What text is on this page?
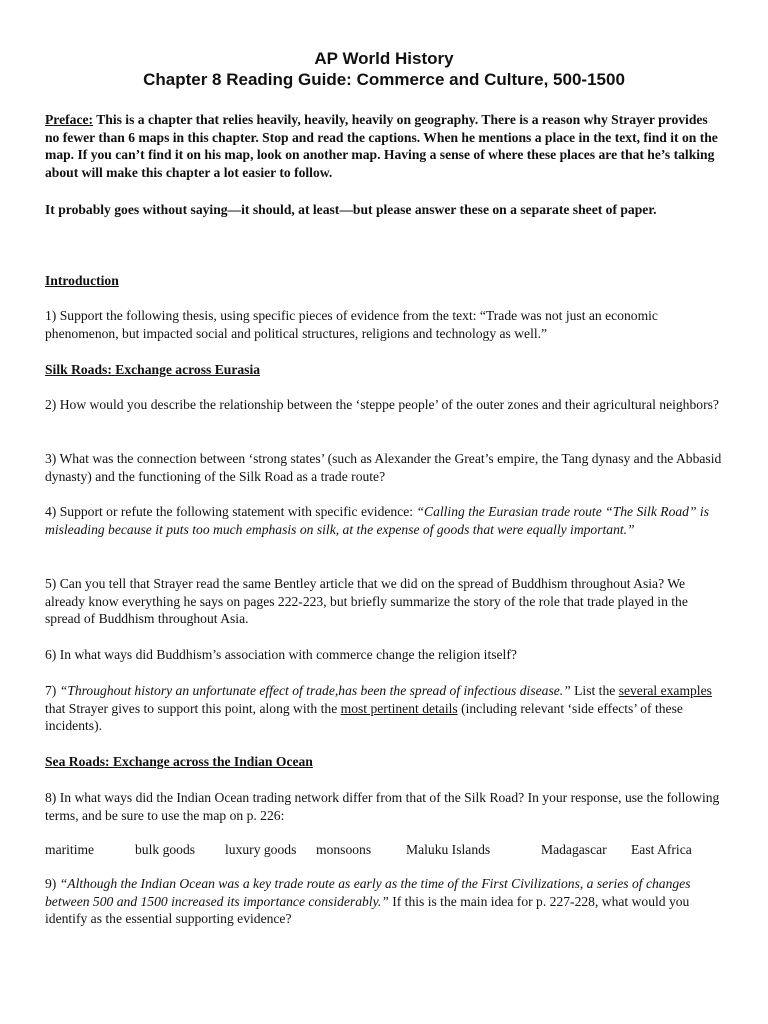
AP World History
Chapter 8 Reading Guide: Commerce and Culture, 500-1500

Preface: This is a chapter that relies heavily, heavily, heavily on geography. There is a reason why Strayer provides no fewer than 6 maps in this chapter. Stop and read the captions. When he mentions a place in the text, find it on the map. If you can’t find it on his map, look on another map. Having a sense of where these places are that he’s talking about will make this chapter a lot easier to follow.

It probably goes without saying—it should, at least—but please answer these on a separate sheet of paper.

Introduction

1) Support the following thesis, using specific pieces of evidence from the text: “Trade was not just an economic phenomenon, but impacted social and political structures, religions and technology as well.”

Silk Roads: Exchange across Eurasia

2) How would you describe the relationship between the ‘steppe people’ of the outer zones and their agricultural neighbors?

3) What was the connection between ‘strong states’ (such as Alexander the Great’s empire, the Tang dynasy and the Abbasid dynasty) and the functioning of the Silk Road as a trade route?

4) Support or refute the following statement with specific evidence: “Calling the Eurasian trade route “The Silk Road” is misleading because it puts too much emphasis on silk, at the expense of goods that were equally important.”

5) Can you tell that Strayer read the same Bentley article that we did on the spread of Buddhism throughout Asia? We already know everything he says on pages 222-223, but briefly summarize the story of the role that trade played in the spread of Buddhism throughout Asia.

6) In what ways did Buddhism’s association with commerce change the religion itself?

7) “Throughout history an unfortunate effect of trade,has been the spread of infectious disease.” List the several examples that Strayer gives to support this point, along with the most pertinent details (including relevant ‘side effects’ of these incidents).

Sea Roads: Exchange across the Indian Ocean

8) In what ways did the Indian Ocean trading network differ from that of the Silk Road? In your response, use the following terms, and be sure to use the map on p. 226:

maritime	bulk goods luxury goods monsoons	Maluku Islands	Madagascar East Africa

9) “Although the Indian Ocean was a key trade route as early as the time of the First Civilizations, a series of changes between 500 and 1500 increased its importance considerably.” If this is the main idea for p. 227-228, what would you identify as the essential supporting evidence?
